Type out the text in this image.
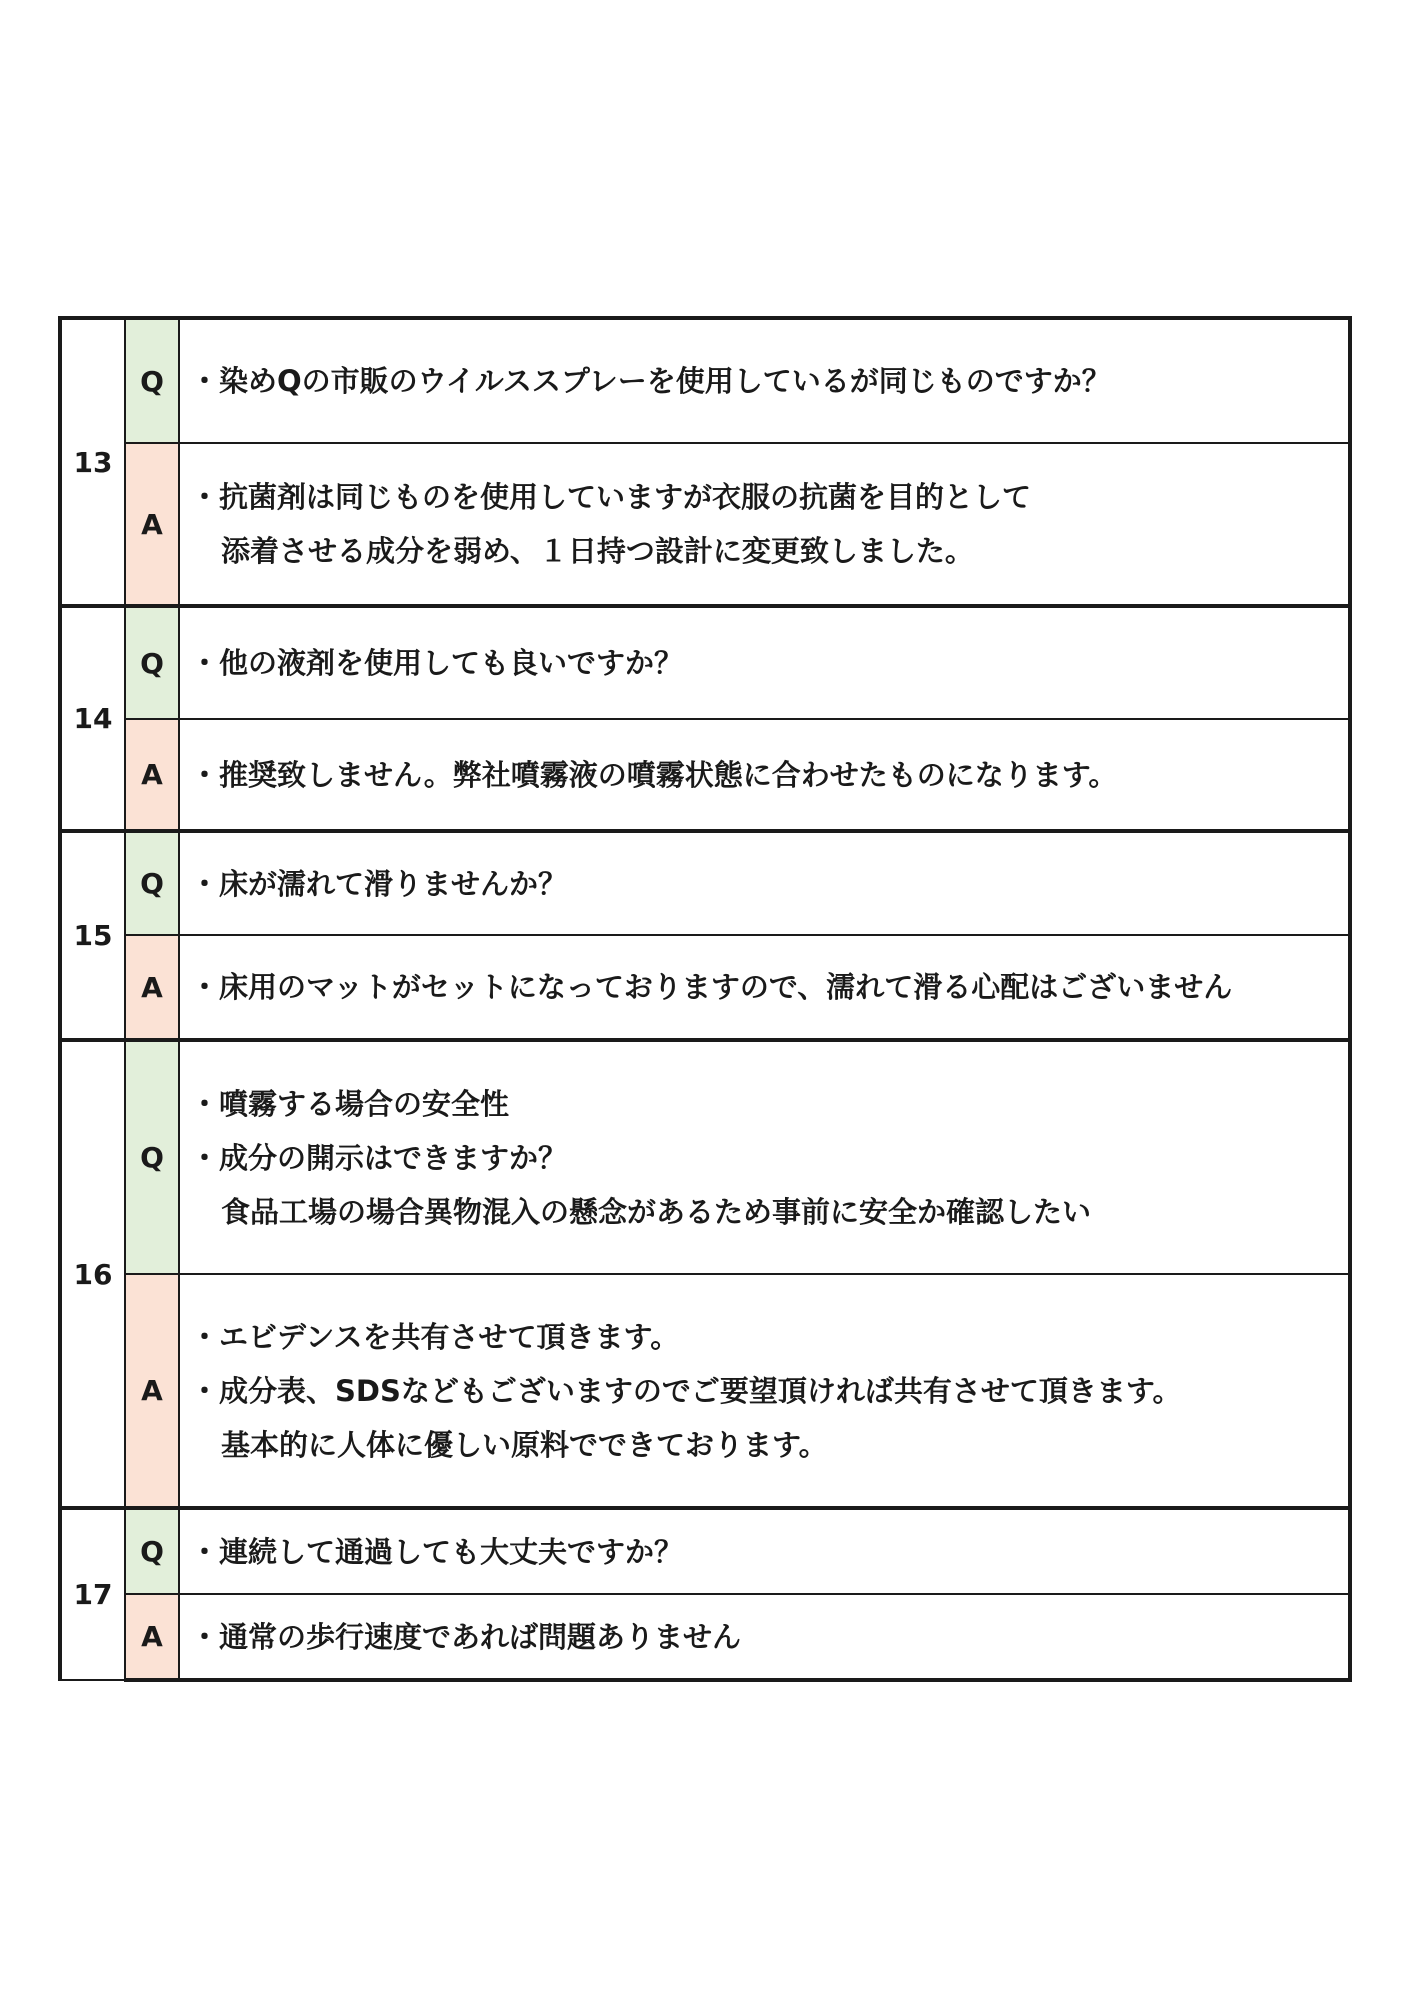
13	Q	・染めQの市販のウイルススプレーを使用しているが同じものですか？

	A	・抗菌剤は同じものを使用していますが衣服の抗菌を目的として
添着させる成分を弱め、１日持つ設計に変更致しました。

14	Q	・他の液剤を使用しても良いですか？

	A	・推奨致しません。弊社噴霧液の噴霧状態に合わせたものになります。

15	Q	・床が濡れて滑りませんか？

	A	・床用のマットがセットになっておりますので、濡れて滑る心配はございません

16	Q	・噴霧する場合の安全性
・成分の開示はできますか？
食品工場の場合異物混入の懸念があるため事前に安全か確認したい

	A	・エビデンスを共有させて頂きます。
・成分表、SDSなどもございますのでご要望頂ければ共有させて頂きます。
基本的に人体に優しい原料でできております。

17	Q	・連続して通過しても大丈夫ですか？

	A	・通常の歩行速度であれば問題ありません
